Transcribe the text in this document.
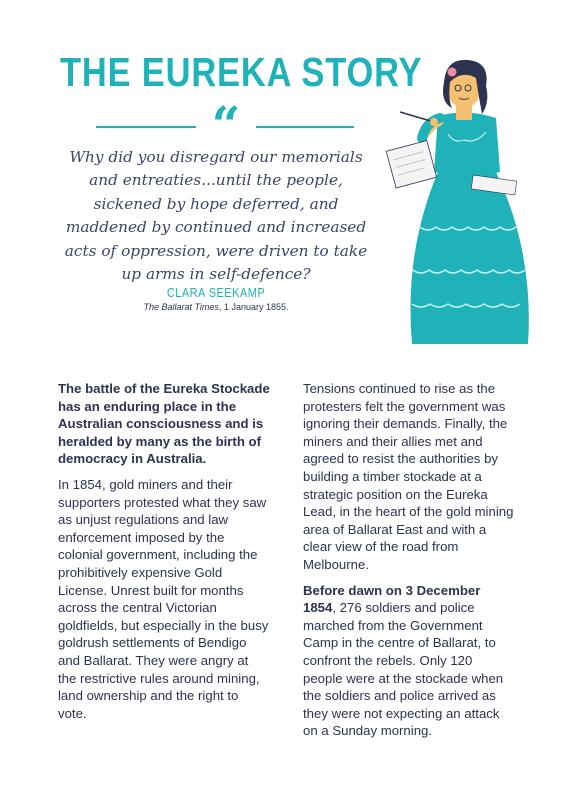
THE EUREKA STORY
“

Why did you disregard our memorials and entreaties...until the people, sickened by hope deferred, and maddened by continued and increased acts of oppression, were driven to take up arms in self-defence?

CLARA SEEKAMP
The Ballarat Times, 1 January 1855.

The battle of the Eureka Stockade has an enduring place in the Australian consciousness and is heralded by many as the birth of democracy in Australia.

In 1854, gold miners and their supporters protested what they saw as unjust regulations and law enforcement imposed by the colonial government, including the prohibitively expensive Gold License. Unrest built for months across the central Victorian goldfields, but especially in the busy goldrush settlements of Bendigo and Ballarat. They were angry at the restrictive rules around mining, land ownership and the right to vote.

Tensions continued to rise as the protesters felt the government was ignoring their demands. Finally, the miners and their allies met and agreed to resist the authorities by building a timber stockade at a strategic position on the Eureka Lead, in the heart of the gold mining area of Ballarat East and with a clear view of the road from Melbourne.

Before dawn on 3 December 1854, 276 soldiers and police marched from the Government Camp in the centre of Ballarat, to confront the rebels. Only 120 people were at the stockade when the soldiers and police arrived as they were not expecting an attack on a Sunday morning.
